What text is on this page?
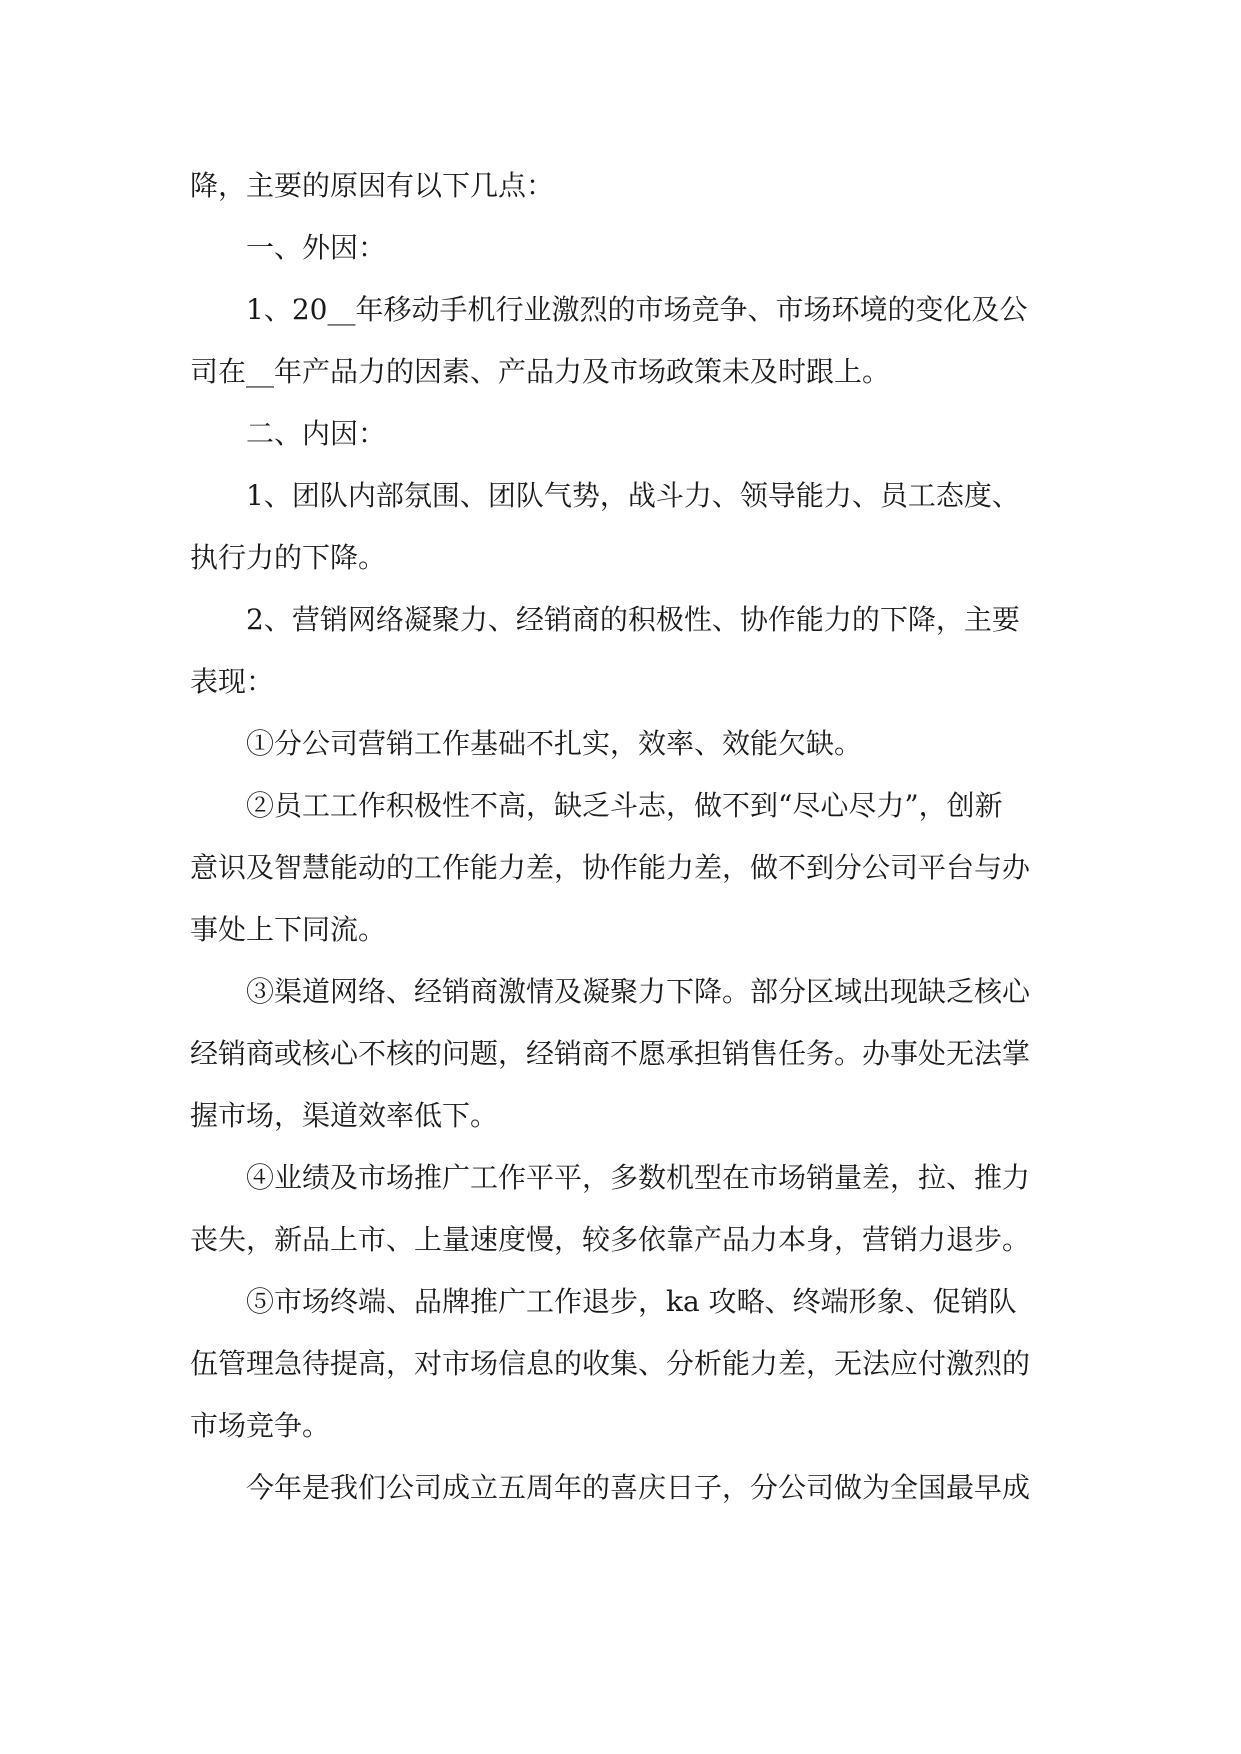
降，主要的原因有以下几点：

一、外因：

1、20__年移动手机行业激烈的市场竞争、市场环境的变化及公

司在__年产品力的因素、产品力及市场政策未及时跟上。

二、内因：

1、团队内部氛围、团队气势，战斗力、领导能力、员工态度、

执行力的下降。

2、营销网络凝聚力、经销商的积极性、协作能力的下降，主要

表现：

①分公司营销工作基础不扎实，效率、效能欠缺。

②员工工作积极性不高，缺乏斗志，做不到“尽心尽力”，创新

意识及智慧能动的工作能力差，协作能力差，做不到分公司平台与办

事处上下同流。

③渠道网络、经销商激情及凝聚力下降。部分区域出现缺乏核心

经销商或核心不核的问题，经销商不愿承担销售任务。办事处无法掌

握市场，渠道效率低下。

④业绩及市场推广工作平平，多数机型在市场销量差，拉、推力

丧失，新品上市、上量速度慢，较多依靠产品力本身，营销力退步。

⑤市场终端、品牌推广工作退步，ka 攻略、终端形象、促销队

伍管理急待提高，对市场信息的收集、分析能力差，无法应付激烈的

市场竞争。

今年是我们公司成立五周年的喜庆日子，分公司做为全国最早成
